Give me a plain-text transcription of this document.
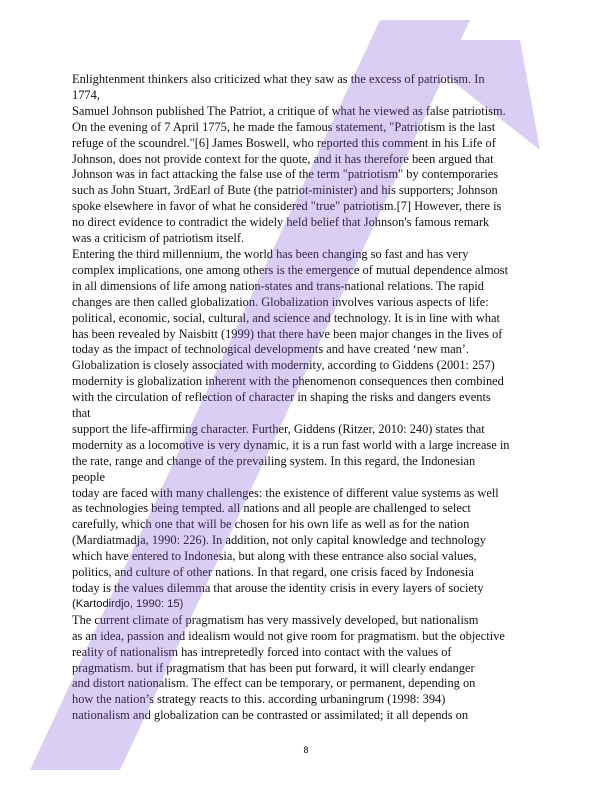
Enlightenment thinkers also criticized what they saw as the excess of patriotism. In
1774,
Samuel Johnson published The Patriot, a critique of what he viewed as false patriotism.
On the evening of 7 April 1775, he made the famous statement, "Patriotism is the last
refuge of the scoundrel."[6] James Boswell, who reported this comment in his Life of
Johnson, does not provide context for the quote, and it has therefore been argued that
Johnson was in fact attacking the false use of the term "patriotism" by contemporaries
such as John Stuart, 3rdEarl of Bute (the patriot-minister) and his supporters; Johnson
spoke elsewhere in favor of what he considered "true" patriotism.[7] However, there is
no direct evidence to contradict the widely held belief that Johnson's famous remark
was a criticism of patriotism itself.
Entering the third millennium, the world has been changing so fast and has very
complex implications, one among others is the emergence of mutual dependence almost
in all dimensions of life among nation-states and trans-national relations. The rapid
changes are then called globalization. Globalization involves various aspects of life:
political, economic, social, cultural, and science and technology. It is in line with what
has been revealed by Naisbitt (1999) that there have been major changes in the lives of
today as the impact of technological developments and have created ‘new man’.
Globalization is closely associated with modernity, according to Giddens (2001: 257)
modernity is globalization inherent with the phenomenon consequences then combined
with the circulation of reflection of character in shaping the risks and dangers events
that
support the life-affirming character. Further, Giddens (Ritzer, 2010: 240) states that
modernity as a locomotive is very dynamic, it is a run fast world with a large increase in
the rate, range and change of the prevailing system. In this regard, the Indonesian
people
today are faced with many challenges: the existence of different value systems as well
as technologies being tempted. all nations and all people are challenged to select
carefully, which one that will be chosen for his own life as well as for the nation
(Mardiatmadja, 1990: 226). In addition, not only capital knowledge and technology
which have entered to Indonesia, but along with these entrance also social values,
politics, and culture of other nations. In that regard, one crisis faced by Indonesia
today is the values dilemma that arouse the identity crisis in every layers of society
(Kartodirdjo, 1990: 15)
The current climate of pragmatism has very massively developed, but nationalism
as an idea, passion and idealism would not give room for pragmatism. but the objective
reality of nationalism has intrepretedly forced into contact with the values of
pragmatism. but if pragmatism that has been put forward, it will clearly endanger
and distort nationalism. The effect can be temporary, or permanent, depending on
how the nation’s strategy reacts to this. according urbaningrum (1998: 394)
nationalism and globalization can be contrasted or assimilated; it all depends on
8
